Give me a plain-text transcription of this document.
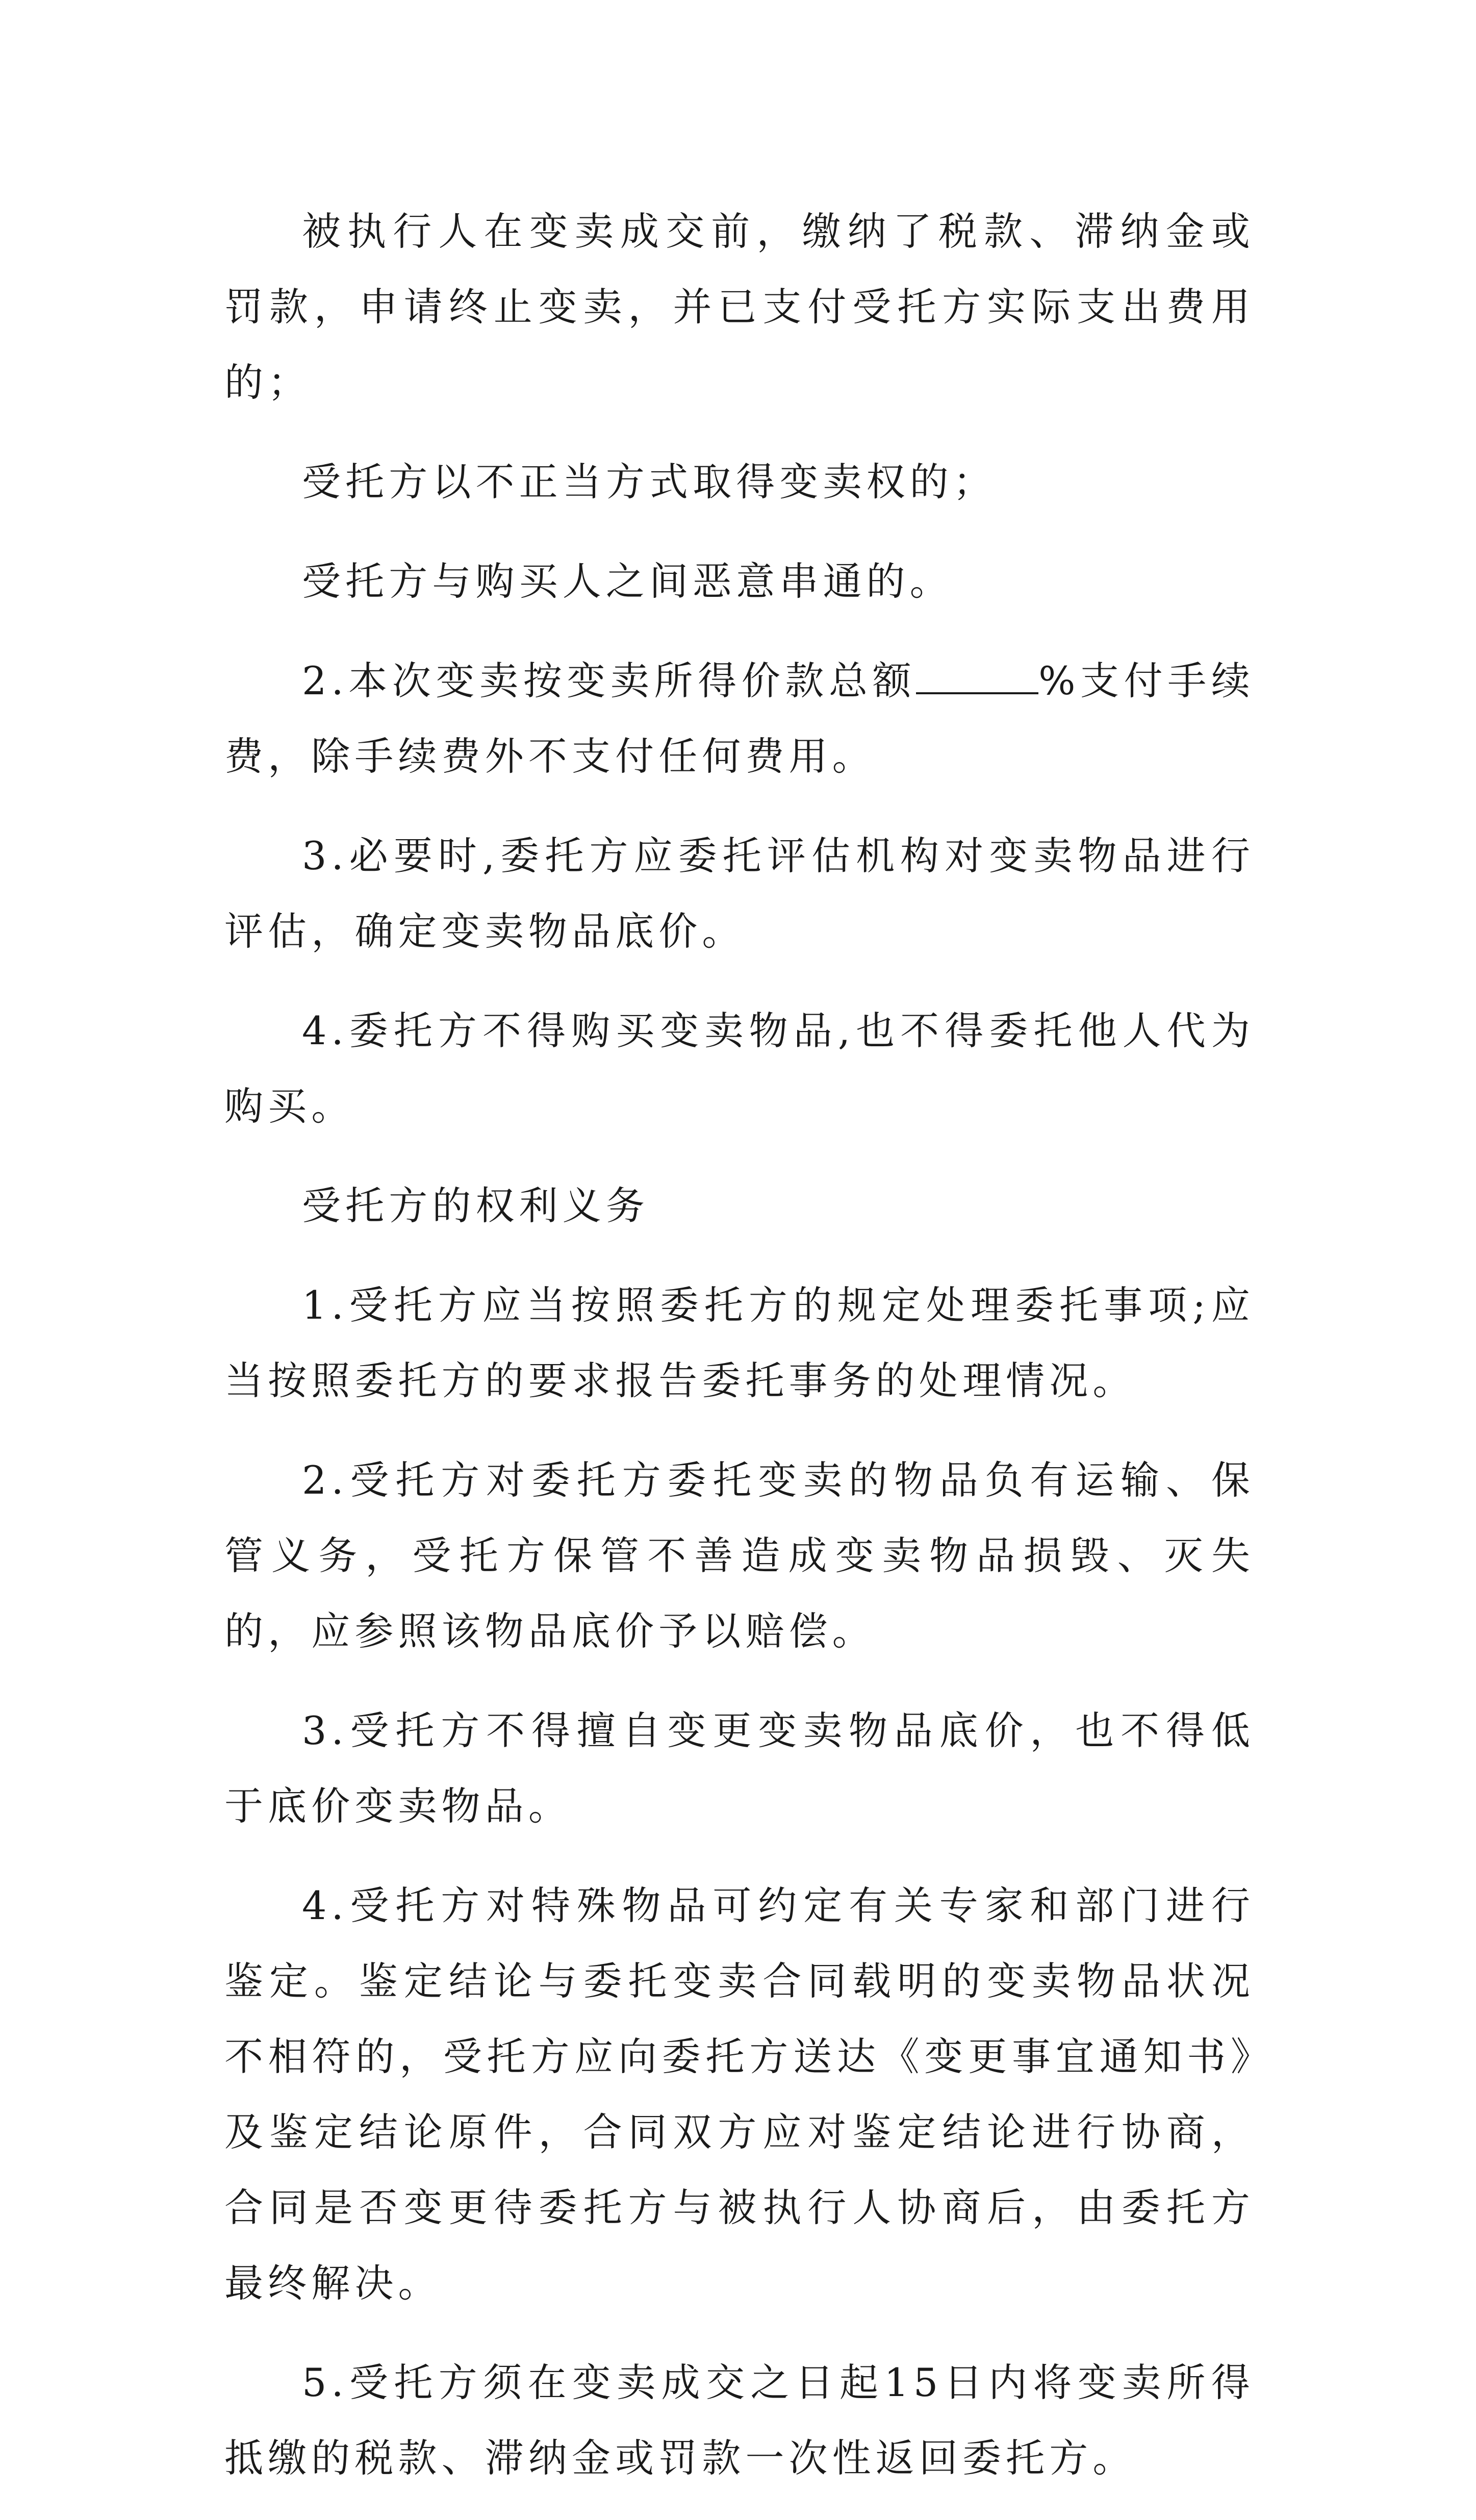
被执行人在变卖成交前，缴纳了税款、滞纳金或罚款，申请终止变卖，并已支付受托方实际支出费用的；

受托方以不正当方式取得变卖权的；

受托方与购买人之间恶意串通的。

2.本次变卖按变卖所得价款总额	%支付手续费，除手续费外不支付任何费用。

3.必要时,委托方应委托评估机构对变卖物品进行评估，确定变卖物品底价。

4.委托方不得购买变卖物品,也不得委托他人代为购买。

受托方的权利义务

1.受托方应当按照委托方的规定处理委托事项;应当按照委托方的要求报告委托事务的处理情况。

2.受托方对委托方委托变卖的物品负有运输、保管义务，受托方保管不善造成变卖物品损毁、灭失的，应参照该物品底价予以赔偿。

3.受托方不得擅自变更变卖物品底价，也不得低于底价变卖物品。

4.受托方对特殊物品可约定有关专家和部门进行鉴定。鉴定结论与委托变卖合同载明的变卖物品状况不相符的，受托方应向委托方送达《变更事宜通知书》及鉴定结论原件，合同双方应对鉴定结论进行协商，合同是否变更待委托方与被执行人协商后，由委托方最终解决。

5.受托方须在变卖成交之日起15日内将变卖所得抵缴的税款、滞纳金或罚款一次性返回委托方。
